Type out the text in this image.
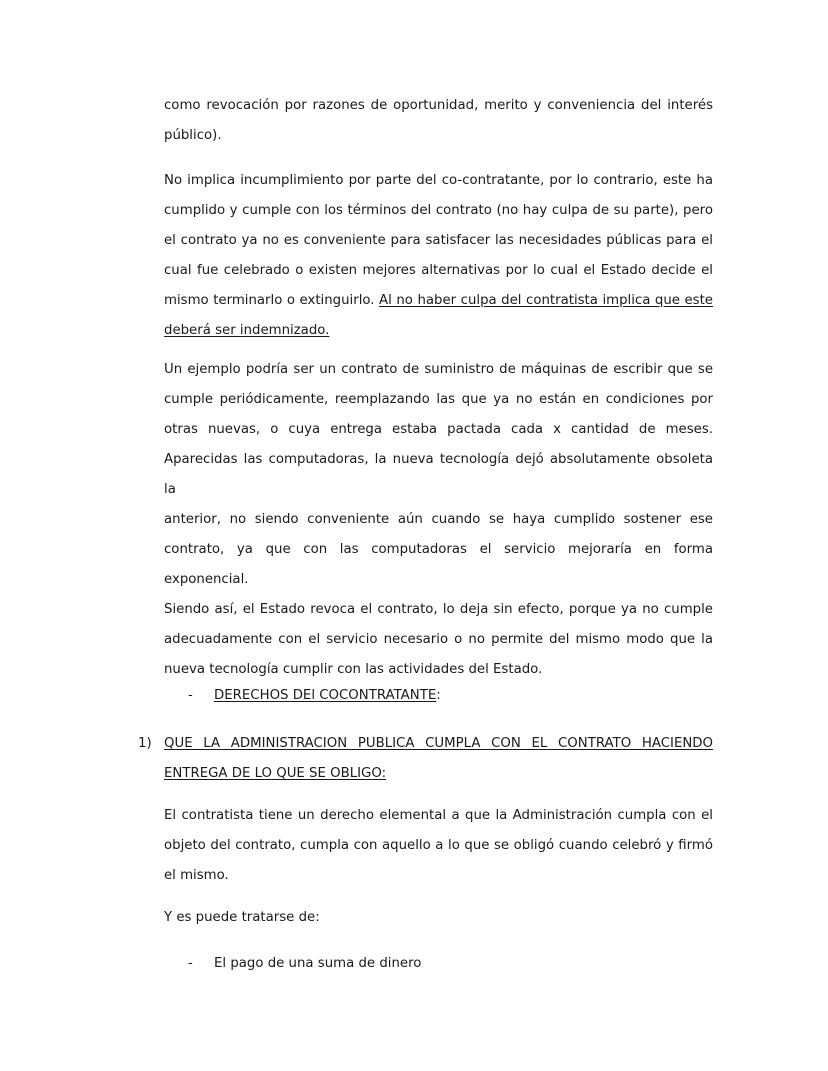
como revocación por razones de oportunidad, merito y conveniencia del interés
público).
No implica incumplimiento por parte del co-contratante, por lo contrario, este ha
cumplido y cumple con los términos del contrato (no hay culpa de su parte), pero
el contrato ya no es conveniente para satisfacer las necesidades públicas para el
cual fue celebrado o existen mejores alternativas por lo cual el Estado decide el
mismo terminarlo o extinguirlo. Al no haber culpa del contratista implica que este
deberá ser indemnizado.
Un ejemplo podría ser un contrato de suministro de máquinas de escribir que se
cumple periódicamente, reemplazando las que ya no están en condiciones por
otras nuevas, o cuya entrega estaba pactada cada x cantidad de meses.
Aparecidas las computadoras, la nueva tecnología dejó absolutamente obsoleta la
anterior, no siendo conveniente aún cuando se haya cumplido sostener ese
contrato, ya que con las computadoras el servicio mejoraría en forma exponencial.
Siendo así, el Estado revoca el contrato, lo deja sin efecto, porque ya no cumple
adecuadamente con el servicio necesario o no permite del mismo modo que la
nueva tecnología cumplir con las actividades del Estado.
- DERECHOS DEl COCONTRATANTE:
1) QUE LA ADMINISTRACION PUBLICA CUMPLA CON EL CONTRATO HACIENDO
ENTREGA DE LO QUE SE OBLIGO:
El contratista tiene un derecho elemental a que la Administración cumpla con el
objeto del contrato, cumpla con aquello a lo que se obligó cuando celebró y firmó
el mismo.
Y es puede tratarse de:
- El pago de una suma de dinero
